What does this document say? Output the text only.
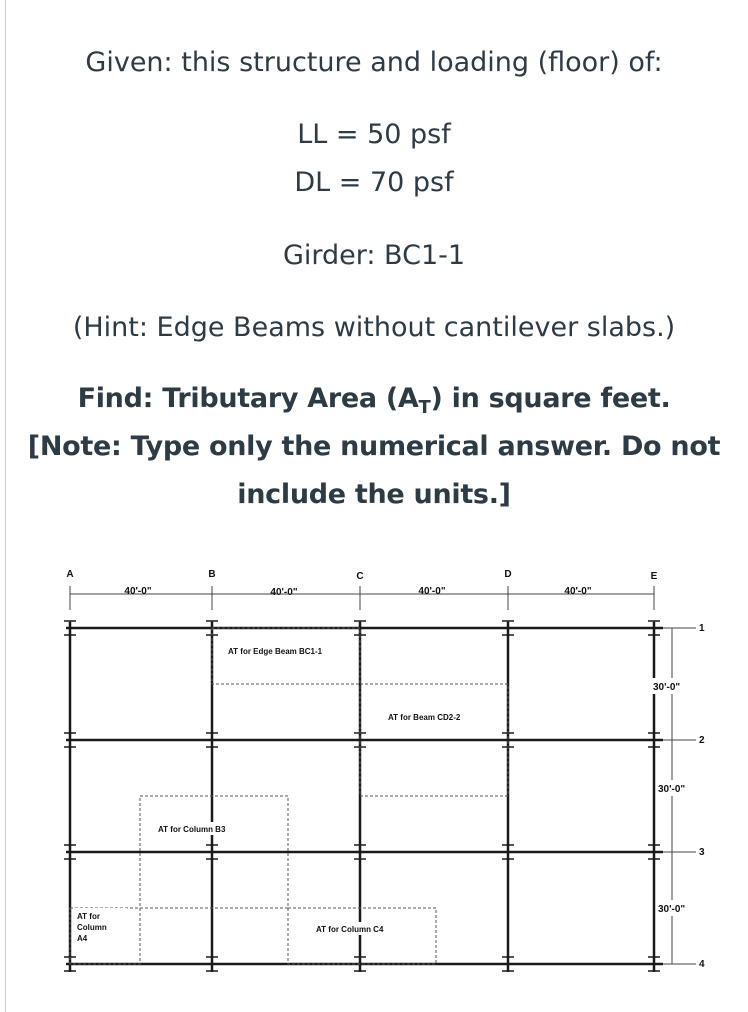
Given: this structure and loading (floor) of:
LL = 50 psf
DL = 70 psf
Girder: BC1-1
(Hint: Edge Beams without cantilever slabs.)
Find: Tributary Area $(A_T)$ in square feet.
[Note: Type only the numerical answer. Do not
include the units.]
A	B	C	D	E
40'-0"	40'-0"	40'-0"	40'-0"
1
2
3
4
30'-0"
30'-0"
30'-0"
AT for Edge Beam BC1-1
AT for Beam CD2-2
AT for Column B3
AT for Column C4
AT for
Column
A4
